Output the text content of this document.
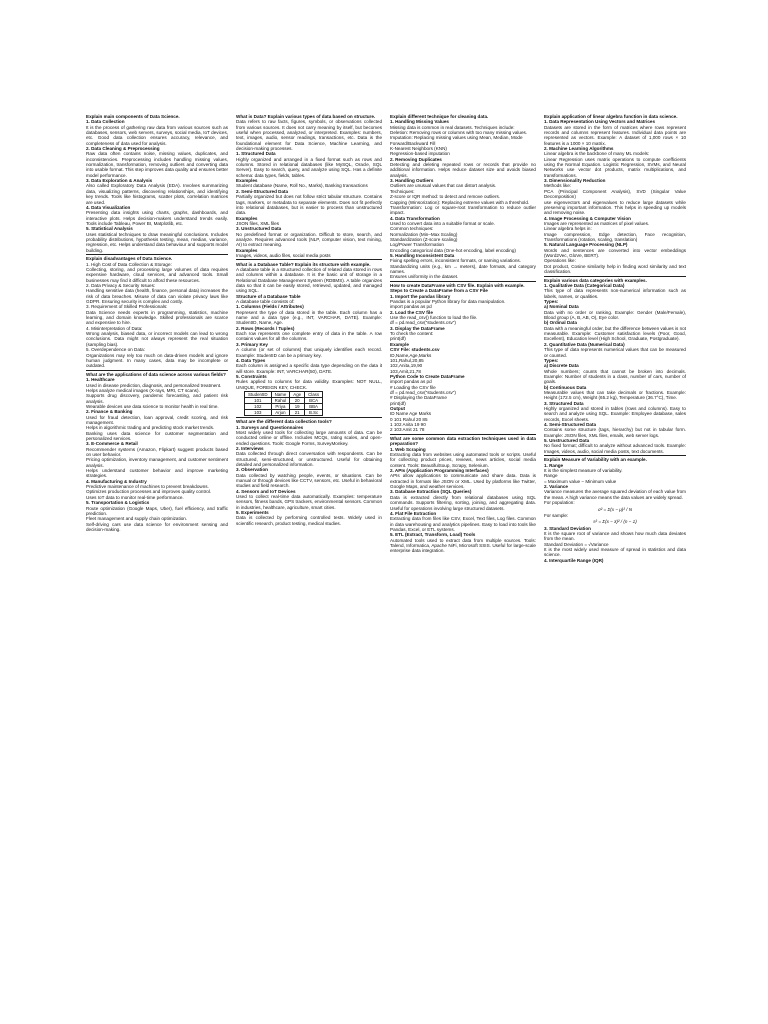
Explain main components of Data Science.
1. Data Collection
It is the process of gathering raw data from various sources such as databases, sensors, web servers, surveys, social media, IoT devices, etc. Good data collection ensures accuracy, relevance, and completeness of data used for analysis.
2. Data Cleaning & Preprocessing
Raw data often contains noise, missing values, duplicates, and inconsistencies. Preprocessing includes handling missing values, normalization, transformation, removing outliers and converting data into usable format. This step improves data quality and ensures better model performance.
3. Data Exploration & Analysis
Also called Exploratory Data Analysis (EDA). Involves summarizing data, visualizing patterns, discovering relationships, and identifying key trends. Tools like histograms, scatter plots, correlation matrices are used.
4. Data Visualization
Presenting data insights using charts, graphs, dashboards, and interactive plots. Helps decision-makers understand trends easily. Tools include Tableau, Power BI, Matplotlib, etc.
5. Statistical Analysis
Uses statistical techniques to draw meaningful conclusions. Includes probability distributions, hypothesis testing, mean, median, variance, regression, etc. Helps understand data behaviour and supports model building.
Explain disadvantages of Data Science.
1. High Cost of Data Collection & Storage:
Collecting, storing, and processing large volumes of data requires expensive hardware, cloud services, and advanced tools. Small businesses may find it difficult to afford these resources.
2. Data Privacy & Security Issues:
Handling sensitive data (health, finance, personal data) increases the risk of data breaches. Misuse of data can violate privacy laws like GDPR. Ensuring security is complex and costly.
3. Requirement of Skilled Professionals:
Data Science needs experts in programming, statistics, machine learning, and domain knowledge. Skilled professionals are scarce and expensive to hire.
4. Misinterpretation of Data:
Wrong analysis, biased data, or incorrect models can lead to wrong conclusions. Data might not always represent the real situation (sampling bias).
5. Overdependence on Data:
Organizations may rely too much on data-driven models and ignore human judgment. In many cases, data may be incomplete or outdated.
What are the applications of data science across various fields?
1. Healthcare
Used in disease prediction, diagnosis, and personalized treatment.
Helps analyze medical images (X-rays, MRI, CT scans).
Supports drug discovery, pandemic forecasting, and patient risk analysis.
Wearable devices use data science to monitor health in real time.
2. Finance & Banking
Used for fraud detection, loan approval, credit scoring, and risk management.
Helps in algorithmic trading and predicting stock market trends.
Banking uses data science for customer segmentation and personalized services.
3. E-Commerce & Retail
Recommender systems (Amazon, Flipkart) suggest products based on user behavior.
Pricing optimization, inventory management, and customer sentiment analysis.
Helps understand customer behavior and improve marketing strategies.
4. Manufacturing & Industry
Predictive maintenance of machines to prevent breakdowns.
Optimizes production processes and improves quality control.
Uses IoT data to monitor real-time performance.
5. Transportation & Logistics
Route optimization (Google Maps, Uber), fuel efficiency, and traffic prediction.
Fleet management and supply chain optimization.
Self-driving cars use data science for environment sensing and decision-making.
What is Data? Explain various types of data based on structure.
Data refers to raw facts, figures, symbols, or observations collected from various sources. It does not carry meaning by itself, but becomes useful when processed, analyzed, or interpreted. Examples: numbers, text, images, audio, sensor readings, transactions, etc. Data is the foundational element for Data Science, Machine Learning, and decision-making processes.
1. Structured Data
Highly organized and arranged in a fixed format such as rows and columns. Stored in relational databases (like MySQL, Oracle, SQL Server). Easy to search, query, and analyze using SQL. Has a definite schema: data types, fields, tables.
Examples
Student database (Name, Roll No., Marks), Banking transactions
2. Semi-Structured Data
Partially organized but does not follow strict tabular structure. Contains tags, markers, or metadata to separate elements. Does not fit perfectly into relational databases, but is easier to process than unstructured data.
Examples
JSON files, XML files
3. Unstructured Data
No predefined format or organization. Difficult to store, search, and analyze. Requires advanced tools (NLP, computer vision, text mining, AI) to extract meaning.
Examples
Images, videos, audio files, social media posts
What is a Database Table? Explain its structure with example.
A database table is a structured collection of related data stored in rows and columns within a database. It is the basic unit of storage in a Relational Database Management System (RDBMS). A table organizes data so that it can be easily stored, retrieved, updated, and managed using SQL.
Structure of a Database Table
A database table consists of:
1. Columns (Fields / Attributes)
Represent the type of data stored in the table. Each column has a name and a data type (e.g., INT, VARCHAR, DATE). Example: StudentID, Name, Age.
2. Rows (Records / Tuples)
Each row represents one complete entry of data in the table. A row contains values for all the columns.
3. Primary Key
A column (or set of columns) that uniquely identifies each record. Example: StudentID can be a primary key.
4. Data Types
Each column is assigned a specific data type depending on the data it will store. Example: INT, VARCHAR(50), DATE.
5. Constraints
Rules applied to columns for data validity. Examples: NOT NULL, UNIQUE, FOREIGN KEY, CHECK.
StudentID	Name	Age	Class
101	Rahul	20	BCA
102	Priya	19	BBA
103	Arjun	21	B.Sc
What are the different data collection tools?
1. Surveys and Questionnaires
Most widely used tools for collecting large amounts of data. Can be conducted online or offline. Includes MCQs, rating scales, and open-ended questions. Tools: Google Forms, SurveyMonkey.
2. Interviews
Data collected through direct conversation with respondents. Can be structured, semi-structured, or unstructured. Useful for obtaining detailed and personalized information.
3. Observation
Data collected by watching people, events, or situations. Can be manual or through devices like CCTV, sensors, etc. Useful in behavioral studies and field research.
4. Sensors and IoT Devices
Used to collect real-time data automatically. Examples: temperature sensors, fitness bands, GPS trackers, environmental sensors. Common in industries, healthcare, agriculture, smart cities.
5. Experiments
Data is collected by performing controlled tests. Widely used in scientific research, product testing, medical studies.
Explain different technique for cleaning data.
1. Handling Missing Values
Missing data is common in real datasets. Techniques include:
Deletion: Removing rows or columns with too many missing values.
Imputation: Replacing missing values using Mean, Median, Mode
Forward/Backward Fill
K-Nearest Neighbors (KNN)
Regression-based imputation
2. Removing Duplicates
Detecting and deleting repeated rows or records that provide no additional information. Helps reduce dataset size and avoids biased analysis.
3. Handling Outliers
Outliers are unusual values that can distort analysis.
Techniques:
Z-score or IQR method: to detect and remove outliers.
Capping (Winsorization): Replacing extreme values with a threshold.
Transformation: Log or square-root transformation to reduce outlier impact.
4. Data Transformation
Used to convert data into a suitable format or scale.
Common techniques:
Normalization (Min–Max Scaling)
Standardization (Z-score scaling)
Log/Power Transformation
Encoding categorical data (One-hot encoding, label encoding)
5. Handling Inconsistent Data
Fixing spelling errors, inconsistent formats, or naming variations.
Standardizing units (e.g., km → meters), date formats, and category names.
Ensures uniformity in the dataset.
How to create DataFrame with CSV file. Explain with example.
Steps to Create a DataFrame from a CSV File
1. Import the pandas library
Pandas is a popular Python library for data manipulation.
import pandas as pd
2. Load the CSV file
Use the read_csv() function to load the file.
df = pd.read_csv("students.csv")
3. Display the DataFrame
To check the content:
print(df)
Example
CSV File: students.csv
ID,Name,Age,Marks
101,Rahul,20,85
102,Anita,19,90
103,Amit,21,78
Python Code to Create DataFrame
import pandas as pd
# Loading the CSV file
df = pd.read_csv("students.csv")
# Displaying the DataFrame
print(df)
Output
ID Name Age Marks
0 101 Rahul 20 85
1 102 Anita 19 90
2 103 Amit 21 78
What are some common data extraction techniques used in data preparation?
1. Web Scraping
Extracting data from websites using automated tools or scripts. Useful for collecting product prices, reviews, news articles, social media content. Tools: BeautifulSoup, Scrapy, Selenium.
2. APIs (Application Programming Interfaces)
APIs allow applications to communicate and share data. Data is extracted in formats like JSON or XML. Used by platforms like Twitter, Google Maps, and weather services.
3. Database Extraction (SQL Queries)
Data is extracted directly from relational databases using SQL commands. Supports filtering, sorting, joining, and aggregating data. Useful for operations involving large structured datasets.
4. Flat File Extraction
Extracting data from files like CSV, Excel, Text files, Log files. Common in data warehousing and analytics pipelines. Easy to load into tools like Pandas, Excel, or ETL systems.
5. ETL (Extract, Transform, Load) Tools
Automated tools used to extract data from multiple sources. Tools: Talend, Informatica, Apache NiFi, Microsoft SSIS. Useful for large-scale enterprise data integration.
Explain application of linear algebra function in data science.
1. Data Representation Using Vectors and Matrices
Datasets are stored in the form of matrices where rows represent records and columns represent features. Individual data points are represented as vectors. Example: A dataset of 1,000 rows × 10 features is a 1000 × 10 matrix.
2. Machine Learning Algorithms
Linear algebra is the backbone of many ML models:
Linear Regression uses matrix operations to compute coefficients using the Normal Equation. Logistic Regression, SVMs, and Neural Networks use vector dot products, matrix multiplications, and transformations.
3. Dimensionality Reduction
Methods like:
PCA (Principal Component Analysis), SVD (Singular Value Decomposition)
use eigenvectors and eigenvalues to reduce large datasets while preserving important information. This helps in speeding up models and removing noise.
4. Image Processing & Computer Vision
Images are represented as matrices of pixel values.
Linear algebra helps in:
Image compression, Edge detection, Face recognition, Transformations (rotation, scaling, translation)
5. Natural Language Processing (NLP)
Words and sentences are converted into vector embeddings (Word2Vec, GloVe, BERT).
Operations like:
Dot product, Cosine similarity help in finding word similarity and text classification.
Explain various data categories with examples.
1. Qualitative Data (Categorical Data)
This type of data represents non-numerical information such as labels, names, or qualities.
Types:
a) Nominal Data
Data with no order or ranking. Example: Gender (Male/Female), Blood group (A, B, AB, O), Eye color.
b) Ordinal Data
Data with a meaningful order, but the difference between values is not measurable. Example: Customer satisfaction levels (Poor, Good, Excellent), Education level (High School, Graduate, Postgraduate).
2. Quantitative Data (Numerical Data)
This type of data represents numerical values that can be measured or counted.
Types:
a) Discrete Data
Whole numbers; counts that cannot be broken into decimals. Example: Number of students in a class, number of cars, number of goals.
b) Continuous Data
Measurable values that can take decimals or fractions. Example: Height (172.5 cm), Weight (65.2 kg), Temperature (36.7°C), Time.
3. Structured Data
Highly organized and stored in tables (rows and columns). Easy to search and analyze using SQL. Example: Employee database, sales records, Excel sheets.
4. Semi-Structured Data
Contains some structure (tags, hierarchy) but not in tabular form. Example: JSON files, XML files, emails, web server logs.
5. Unstructured Data
No fixed format; difficult to analyze without advanced tools. Example: Images, videos, audio, social media posts, text documents.
Explain Measure of Variability with an example.
1. Range
It is the simplest measure of variability.
Range
= Maximum value − Minimum value
2. Variance
Variance measures the average squared deviation of each value from the mean. A high variance means the data values are widely spread.
For population:
σ² = Σ(x − μ)² / N
For sample:
s² = Σ(x − x̄)² / (n − 1)
3. Standard Deviation
It is the square root of variance and shows how much data deviates from the mean.
Standard Deviation = √Variance
It is the most widely used measure of spread in statistics and data science.
4. Interquartile Range (IQR)
